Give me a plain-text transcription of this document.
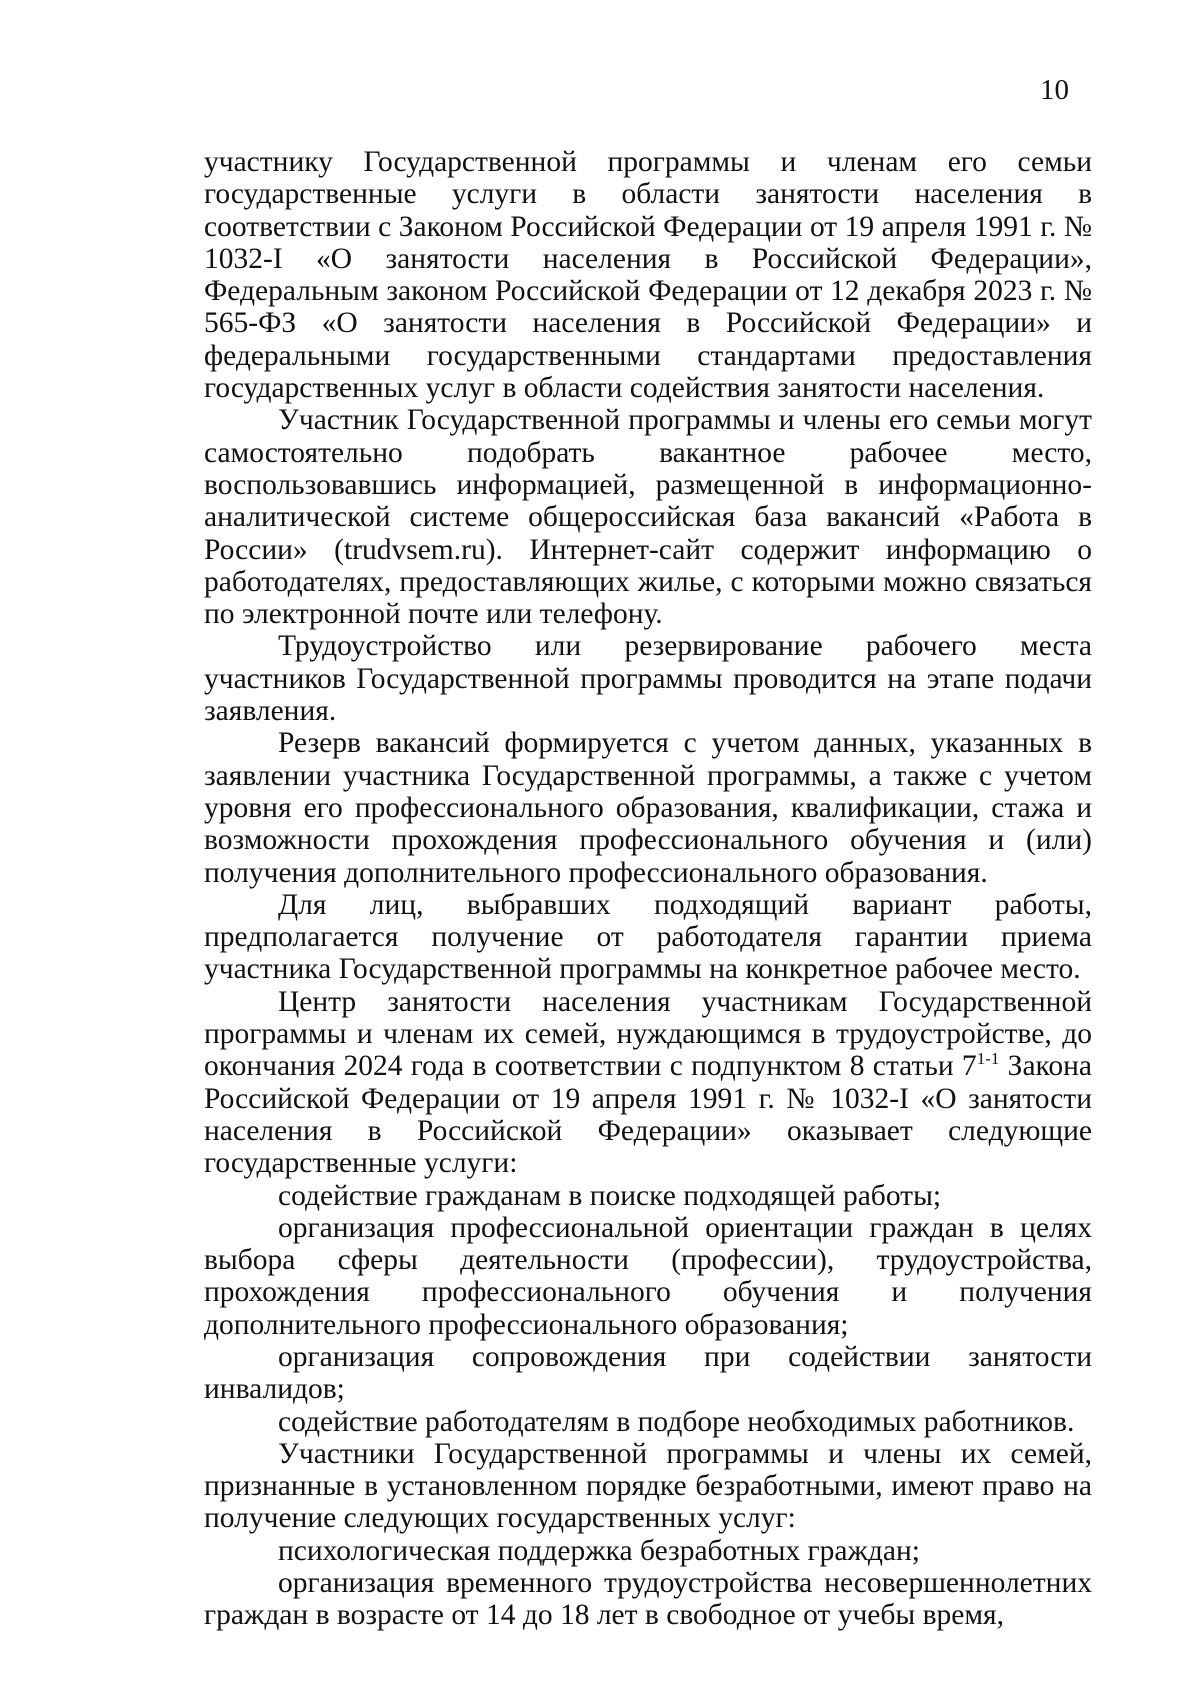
10

участнику Государственной программы и членам его семьи государственные услуги в области занятости населения в соответствии с Законом Российской Федерации от 19 апреля 1991 г. № 1032-I «О занятости населения в Российской Федерации», Федеральным законом Российской Федерации от 12 декабря 2023 г. № 565-ФЗ «О занятости населения в Российской Федерации» и федеральными государственными стандартами предоставления государственных услуг в области содействия занятости населения.

Участник Государственной программы и члены его семьи могут самостоятельно подобрать вакантное рабочее место, воспользовавшись информацией, размещенной в информационно-аналитической системе общероссийская база вакансий «Работа в России» (trudvsem.ru). Интернет-сайт содержит информацию о работодателях, предоставляющих жилье, с которыми можно связаться по электронной почте или телефону.

Трудоустройство или резервирование рабочего места участников Государственной программы проводится на этапе подачи заявления.

Резерв вакансий формируется с учетом данных, указанных в заявлении участника Государственной программы, а также с учетом уровня его профессионального образования, квалификации, стажа и возможности прохождения профессионального обучения и (или) получения дополнительного профессионального образования.

Для лиц, выбравших подходящий вариант работы, предполагается получение от работодателя гарантии приема участника Государственной программы на конкретное рабочее место.

Центр занятости населения участникам Государственной программы и членам их семей, нуждающимся в трудоустройстве, до окончания 2024 года в соответствии с подпунктом 8 статьи 7$^{1-1}$ Закона Российской Федерации от 19 апреля 1991 г. № 1032-I «О занятости населения в Российской Федерации» оказывает следующие государственные услуги:

содействие гражданам в поиске подходящей работы;

организация профессиональной ориентации граждан в целях выбора сферы деятельности (профессии), трудоустройства, прохождения профессионального обучения и получения дополнительного профессионального образования;

организация сопровождения при содействии занятости инвалидов;

содействие работодателям в подборе необходимых работников.

Участники Государственной программы и члены их семей, признанные в установленном порядке безработными, имеют право на получение следующих государственных услуг:

психологическая поддержка безработных граждан;

организация временного трудоустройства несовершеннолетних граждан в возрасте от 14 до 18 лет в свободное от учебы время,
